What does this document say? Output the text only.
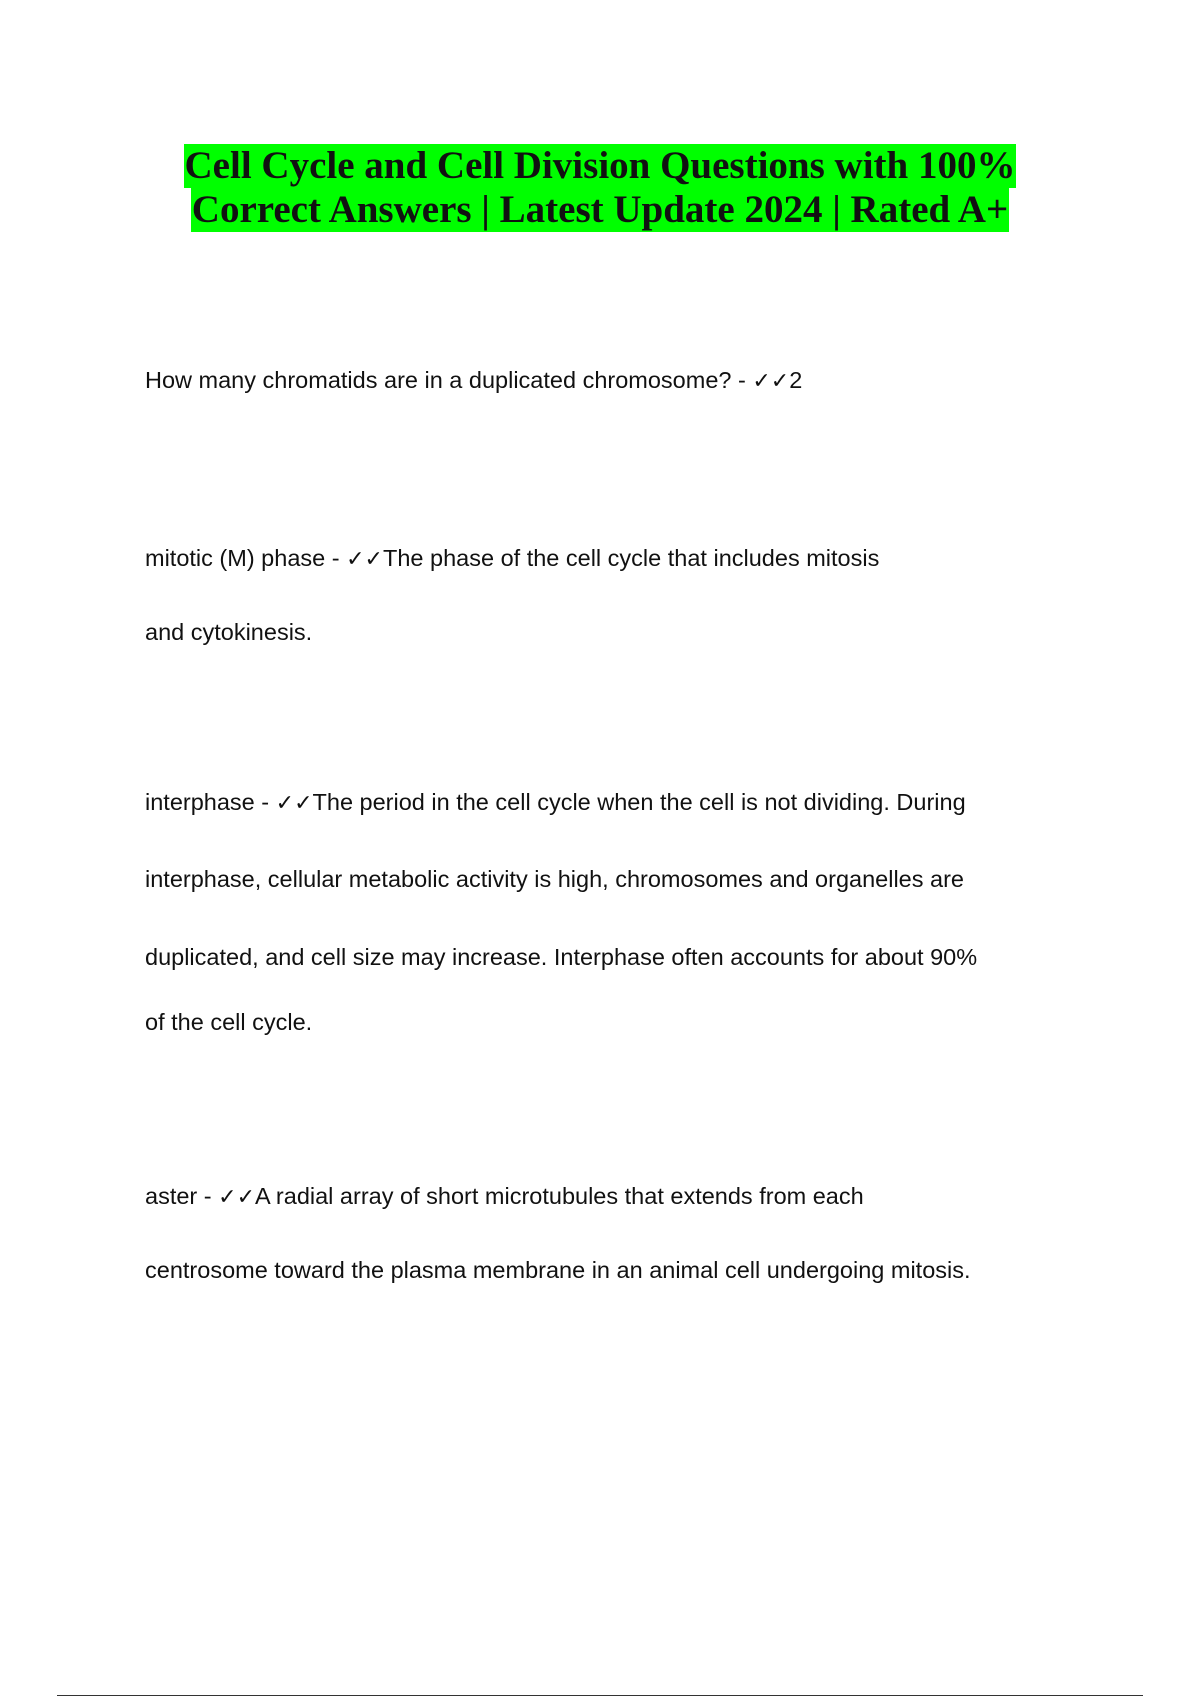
Cell Cycle and Cell Division Questions with 100%
Correct Answers | Latest Update 2024 | Rated A+
How many chromatids are in a duplicated chromosome? - ✓✓2
mitotic (M) phase - ✓✓The phase of the cell cycle that includes mitosis
and cytokinesis.
interphase - ✓✓The period in the cell cycle when the cell is not dividing. During
interphase, cellular metabolic activity is high, chromosomes and organelles are
duplicated, and cell size may increase. Interphase often accounts for about 90%
of the cell cycle.
aster - ✓✓A radial array of short microtubules that extends from each
centrosome toward the plasma membrane in an animal cell undergoing mitosis.
